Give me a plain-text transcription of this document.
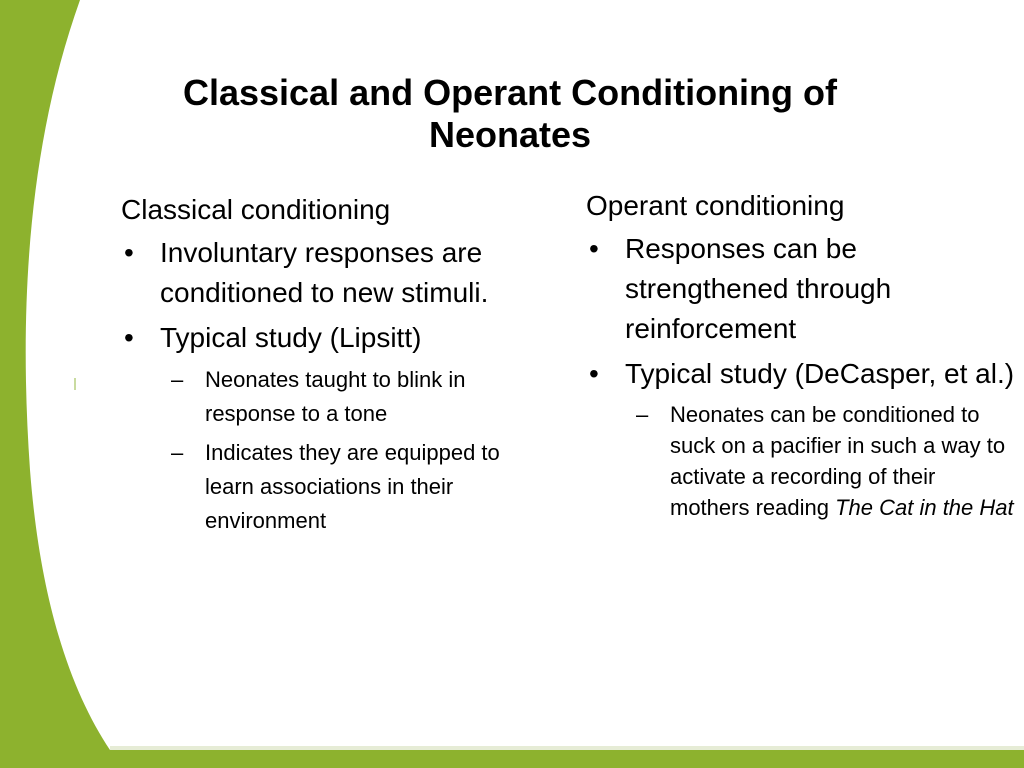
Classical and Operant Conditioning of Neonates
Classical conditioning
• Involuntary responses are conditioned to new stimuli.
• Typical study (Lipsitt)
– Neonates taught to blink in response to a tone
– Indicates they are equipped to learn associations in their environment
Operant conditioning
• Responses can be strengthened through reinforcement
• Typical study (DeCasper, et al.)
– Neonates can be conditioned to suck on a pacifier in such a way to activate a recording of their mothers reading The Cat in the Hat
